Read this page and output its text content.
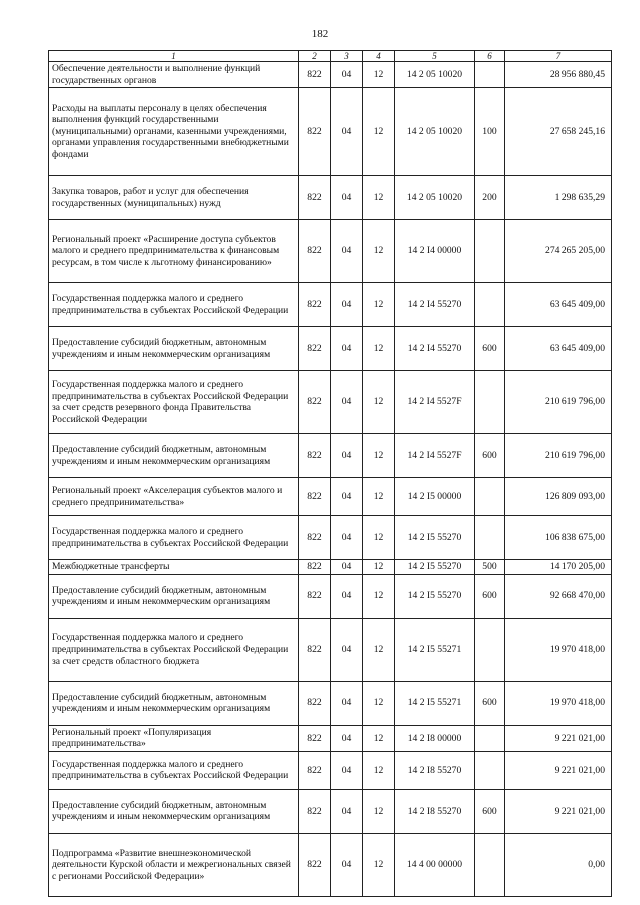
182
1	2	3	4	5	6	7
Обеспечение деятельности и выполнение функций государственных органов	822	04	12	14 2 05 10020		28 956 880,45
Расходы на выплаты персоналу в целях обеспечения выполнения функций государственными (муниципальными) органами, казенными учреждениями, органами управления государственными внебюджетными фондами	822	04	12	14 2 05 10020	100	27 658 245,16
Закупка товаров, работ и услуг для обеспечения государственных (муниципальных) нужд	822	04	12	14 2 05 10020	200	1 298 635,29
Региональный проект «Расширение доступа субъектов малого и среднего предпринимательства к финансовым ресурсам, в том числе к льготному финансированию»	822	04	12	14 2 I4 00000		274 265 205,00
Государственная поддержка малого и среднего предпринимательства в субъектах Российской Федерации	822	04	12	14 2 I4 55270		63 645 409,00
Предоставление субсидий бюджетным, автономным учреждениям и иным некоммерческим организациям	822	04	12	14 2 I4 55270	600	63 645 409,00
Государственная поддержка малого и среднего предпринимательства в субъектах Российской Федерации за счет средств резервного фонда Правительства Российской Федерации	822	04	12	14 2 I4 5527F		210 619 796,00
Предоставление субсидий бюджетным, автономным учреждениям и иным некоммерческим организациям	822	04	12	14 2 I4 5527F	600	210 619 796,00
Региональный проект «Акселерация субъектов малого и среднего предпринимательства»	822	04	12	14 2 I5 00000		126 809 093,00
Государственная поддержка малого и среднего предпринимательства в субъектах Российской Федерации	822	04	12	14 2 I5 55270		106 838 675,00
Межбюджетные трансферты	822	04	12	14 2 I5 55270	500	14 170 205,00
Предоставление субсидий бюджетным, автономным учреждениям и иным некоммерческим организациям	822	04	12	14 2 I5 55270	600	92 668 470,00
Государственная поддержка малого и среднего предпринимательства в субъектах Российской Федерации за счет средств областного бюджета	822	04	12	14 2 I5 55271		19 970 418,00
Предоставление субсидий бюджетным, автономным учреждениям и иным некоммерческим организациям	822	04	12	14 2 I5 55271	600	19 970 418,00
Региональный проект «Популяризация предпринимательства»	822	04	12	14 2 I8 00000		9 221 021,00
Государственная поддержка малого и среднего предпринимательства в субъектах Российской Федерации	822	04	12	14 2 I8 55270		9 221 021,00
Предоставление субсидий бюджетным, автономным учреждениям и иным некоммерческим организациям	822	04	12	14 2 I8 55270	600	9 221 021,00
Подпрограмма «Развитие внешнеэкономической деятельности Курской области и межрегиональных связей с регионами Российской Федерации»	822	04	12	14 4 00 00000		0,00
